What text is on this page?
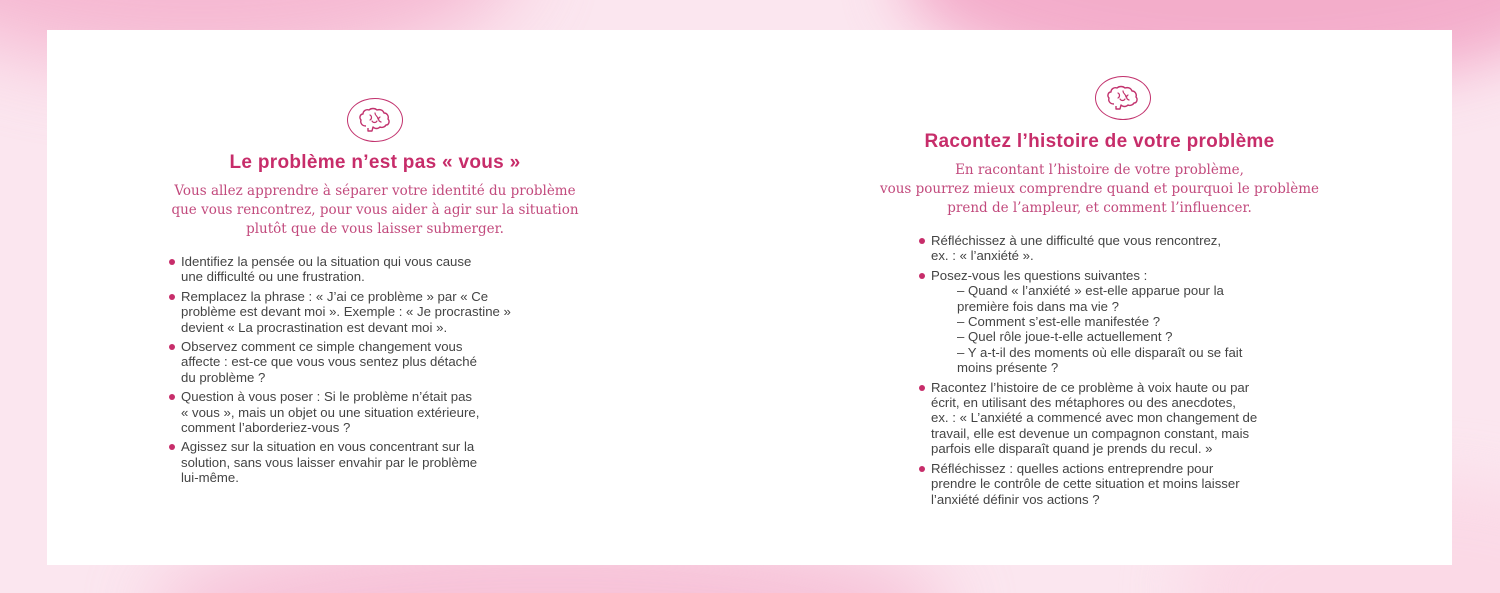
Le problème n’est pas « vous »
Vous allez apprendre à séparer votre identité du problème
que vous rencontrez, pour vous aider à agir sur la situation
plutôt que de vous laisser submerger.
Identifiez la pensée ou la situation qui vous cause
une difficulté ou une frustration.
Remplacez la phrase : « J’ai ce problème » par « Ce
problème est devant moi ». Exemple : « Je procrastine »
devient « La procrastination est devant moi ».
Observez comment ce simple changement vous
affecte : est-ce que vous vous sentez plus détaché
du problème ?
Question à vous poser : Si le problème n’était pas
« vous », mais un objet ou une situation extérieure,
comment l’aborderiez-vous ?
Agissez sur la situation en vous concentrant sur la
solution, sans vous laisser envahir par le problème
lui-même.
Racontez l’histoire de votre problème
En racontant l’histoire de votre problème,
vous pourrez mieux comprendre quand et pourquoi le problème
prend de l’ampleur, et comment l’influencer.
Réfléchissez à une difficulté que vous rencontrez,
ex. : « l’anxiété ».
Posez-vous les questions suivantes :
– Quand « l’anxiété » est-elle apparue pour la
première fois dans ma vie ?
– Comment s’est-elle manifestée ?
– Quel rôle joue-t-elle actuellement ?
– Y a-t-il des moments où elle disparaît ou se fait
moins présente ?
Racontez l’histoire de ce problème à voix haute ou par
écrit, en utilisant des métaphores ou des anecdotes,
ex. : « L’anxiété a commencé avec mon changement de
travail, elle est devenue un compagnon constant, mais
parfois elle disparaît quand je prends du recul. »
Réfléchissez : quelles actions entreprendre pour
prendre le contrôle de cette situation et moins laisser
l’anxiété définir vos actions ?
